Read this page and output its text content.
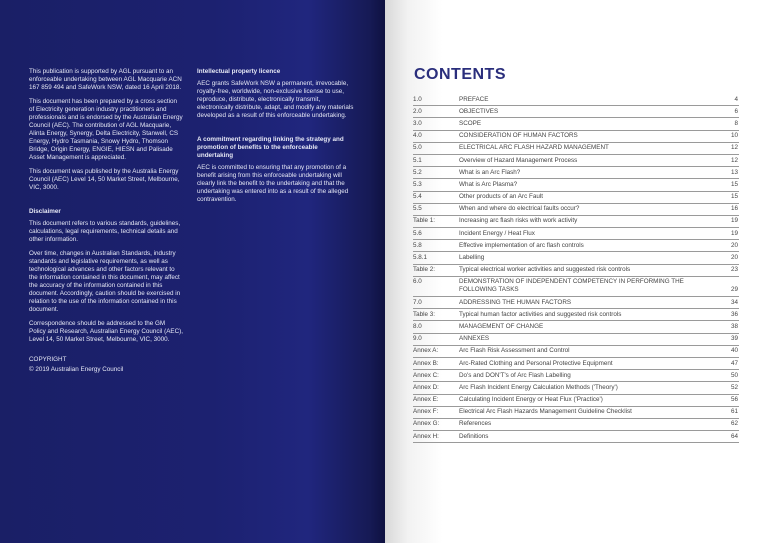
This publication is supported by AGL pursuant to an enforceable undertaking between AGL Macquarie ACN 167 859 494 and SafeWork NSW, dated 16 April 2018.

This document has been prepared by a cross section of Electricity generation industry practitioners and professionals and is endorsed by the Australian Energy Council (AEC). The contribution of AGL Macquarie, Alinta Energy, Synergy, Delta Electricity, Stanwell, CS Energy, Hydro Tasmania, Snowy Hydro, Thomson Bridge, Origin Energy, ENGIE, HIESN and Palisade Asset Management is appreciated.

This document was published by the Australia Energy Council (AEC) Level 14, 50 Market Street, Melbourne, VIC, 3000.

Disclaimer

This document refers to various standards, guidelines, calculations, legal requirements, technical details and other information.

Over time, changes in Australian Standards, industry standards and legislative requirements, as well as technological advances and other factors relevant to the information contained in this document, may affect the accuracy of the information contained in this document. Accordingly, caution should be exercised in relation to the use of the information contained in this document.

Correspondence should be addressed to the GM Policy and Research, Australian Energy Council (AEC), Level 14, 50 Market Street, Melbourne, VIC, 3000.

COPYRIGHT

© 2019 Australian Energy Council

Intellectual property licence

AEC grants SafeWork NSW a permanent, irrevocable, royalty-free, worldwide, non-exclusive license to use, reproduce, distribute, electronically transmit, electronically distribute, adapt, and modify any materials developed as a result of this enforceable undertaking.

A commitment regarding linking the strategy and promotion of benefits to the enforceable undertaking

AEC is committed to ensuring that any promotion of a benefit arising from this enforceable undertaking will clearly link the benefit to the undertaking and that the undertaking was entered into as a result of the alleged contravention.

CONTENTS
1.0	PREFACE	4
2.0	OBJECTIVES	6
3.0	SCOPE	8
4.0	CONSIDERATION OF HUMAN FACTORS	10
5.0	ELECTRICAL ARC FLASH HAZARD MANAGEMENT	12
5.1	Overview of Hazard Management Process	12
5.2	What is an Arc Flash?	13
5.3	What is Arc Plasma?	15
5.4	Other products of an Arc Fault	15
5.5	When and where do electrical faults occur?	16
Table 1:	Increasing arc flash risks with work activity	19
5.6	Incident Energy / Heat Flux	19
5.8	Effective implementation of arc flash controls	20
5.8.1	Labelling	20
Table 2:	Typical electrical worker activities and suggested risk controls	23
6.0	DEMONSTRATION OF INDEPENDENT COMPETENCY IN PERFORMING THE FOLLOWING TASKS	29
7.0	ADDRESSING THE HUMAN FACTORS	34
Table 3:	Typical human factor activities and suggested risk controls	36
8.0	MANAGEMENT OF CHANGE	38
9.0	ANNEXES	39
Annex A:	Arc Flash Risk Assessment and Control	40
Annex B:	Arc-Rated Clothing and Personal Protective Equipment	47
Annex C:	Do's and DON'T's of Arc Flash Labelling	50
Annex D:	Arc Flash Incident Energy Calculation Methods ('Theory')	52
Annex E:	Calculating Incident Energy or Heat Flux ('Practice')	56
Annex F:	Electrical Arc Flash Hazards Management Guideline Checklist	61
Annex G:	References	62
Annex H:	Definitions	64
